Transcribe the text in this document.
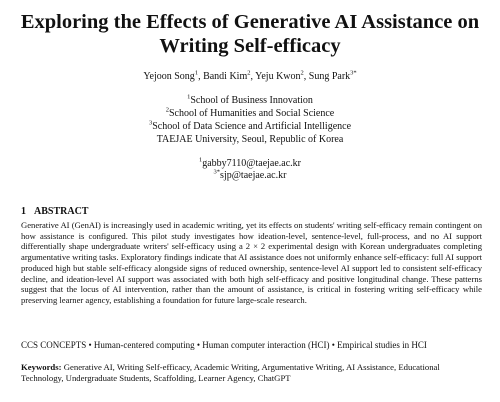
Exploring the Effects of Generative AI Assistance on
Writing Self-efficacy
Yejoon Song$^1$, Bandi Kim$^2$, Yeju Kwon$^2$, Sung Park$^{3*}$
$^1$School of Business Innovation
$^2$School of Humanities and Social Science
$^3$School of Data Science and Artificial Intelligence
TAEJAE University, Seoul, Republic of Korea
$^1$gabby7110@taejae.ac.kr
$^{3*}$sjp@taejae.ac.kr
1 ABSTRACT
Generative AI (GenAI) is increasingly used in academic writing, yet its effects on students' writing self-efficacy remain contingent on how assistance is configured. This pilot study investigates how ideation-level, sentence-level, full-process, and no AI support differentially shape undergraduate writers' self-efficacy using a 2 × 2 experimental design with Korean undergraduates completing argumentative writing tasks. Exploratory findings indicate that AI assistance does not uniformly enhance self-efficacy: full AI support produced high but stable self-efficacy alongside signs of reduced ownership, sentence-level AI support led to consistent self-efficacy decline, and ideation-level AI support was associated with both high self-efficacy and positive longitudinal change. These patterns suggest that the locus of AI intervention, rather than the amount of assistance, is critical in fostering writing self-efficacy while preserving learner agency, establishing a foundation for future large-scale research.
CCS CONCEPTS • Human-centered computing • Human computer interaction (HCI) • Empirical studies in HCI
Keywords: Generative AI, Writing Self-efficacy, Academic Writing, Argumentative Writing, AI Assistance, Educational Technology, Undergraduate Students, Scaffolding, Learner Agency, ChatGPT
